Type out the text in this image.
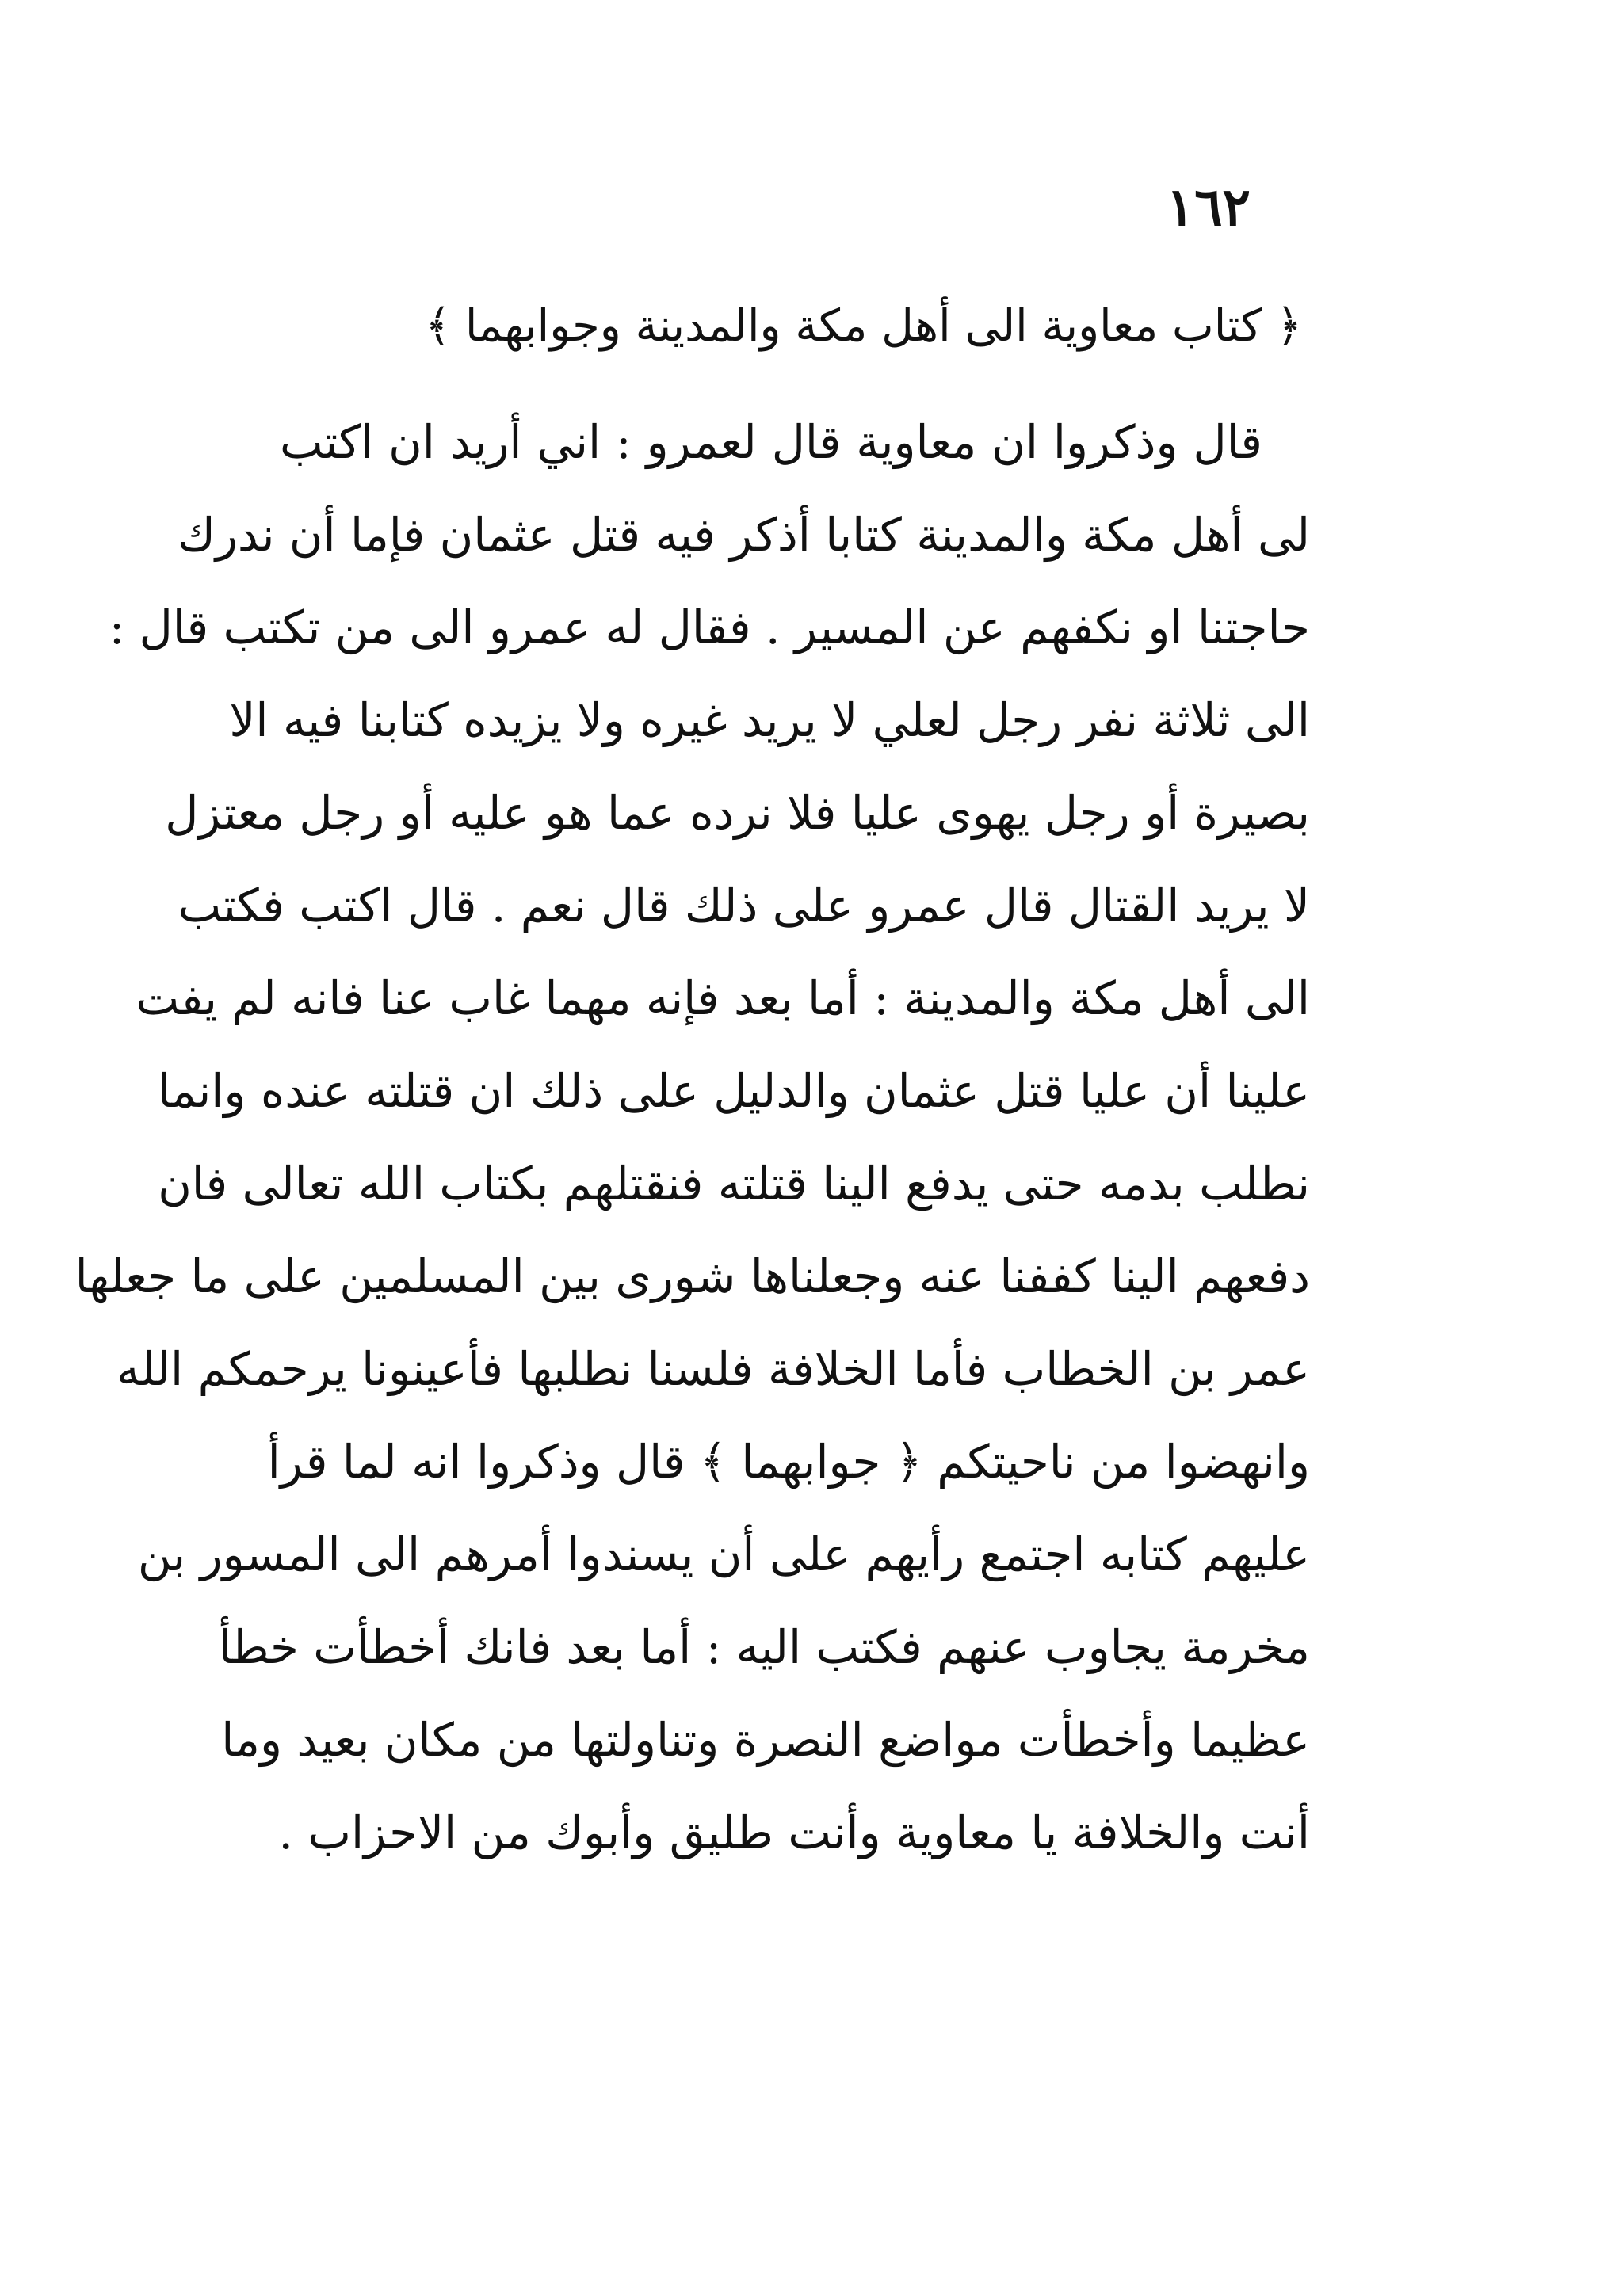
١٦٢
﴿ كتاب معاوية الى أهل مكة والمدينة وجوابهما ﴾
قال وذكروا ان معاوية قال لعمرو : اني أريد ان اكتب
لى أهل مكة والمدينة كتابا أذكر فيه قتل عثمان فإما أن ندرك
حاجتنا او نكفهم عن المسير . فقال له عمرو الى من تكتب قال :
الى ثلاثة نفر رجل لعلي لا يريد غيره ولا يزيده كتابنا فيه الا
بصيرة أو رجل يهوى عليا فلا نرده عما هو عليه أو رجل معتزل
لا يريد القتال قال عمرو على ذلك قال نعم . قال اكتب فكتب
الى أهل مكة والمدينة : أما بعد فإنه مهما غاب عنا فانه لم يفت
علينا أن عليا قتل عثمان والدليل على ذلك ان قتلته عنده وانما
نطلب بدمه حتى يدفع الينا قتلته فنقتلهم بكتاب الله تعالى فان
دفعهم الينا كففنا عنه وجعلناها شورى بين المسلمين على ما جعلها
عمر بن الخطاب فأما الخلافة فلسنا نطلبها فأعينونا يرحمكم الله
وانهضوا من ناحيتكم ﴿ جوابهما ﴾ قال وذكروا انه لما قرأ
عليهم كتابه اجتمع رأيهم على أن يسندوا أمرهم الى المسور بن
مخرمة يجاوب عنهم فكتب اليه : أما بعد فانك أخطأت خطأ
عظيما وأخطأت مواضع النصرة وتناولتها من مكان بعيد وما
أنت والخلافة يا معاوية وأنت طليق وأبوك من الاحزاب .
